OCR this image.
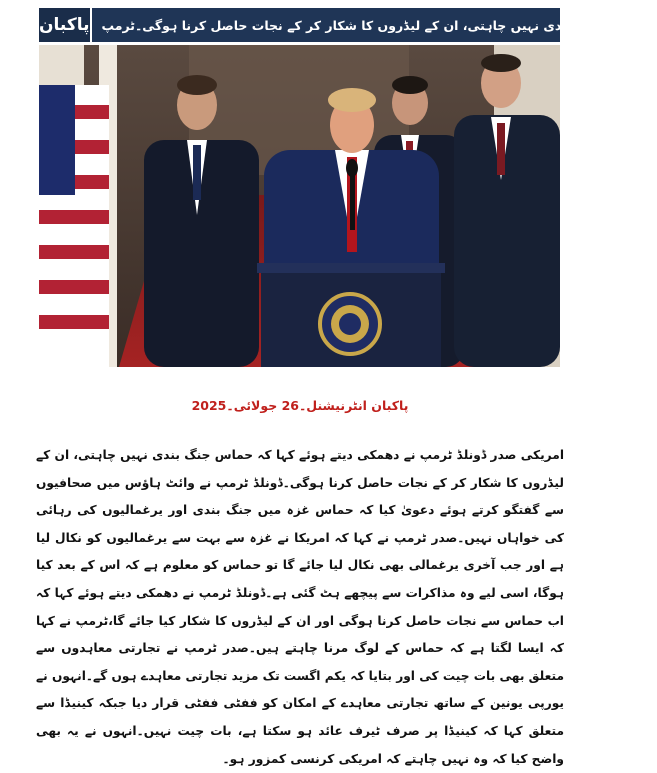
پاکبان حماس جنگ بندی نہیں چاہتی، ان کے لیڈروں کا شکار کر کے نجات حاصل کرنا ہوگی۔ٹرمپ
پاکبان انٹرنیشنل۔26 جولائی۔2025
امریکی صدر ڈونلڈ ٹرمپ نے دھمکی دیتے ہوئے کہا کہ حماس جنگ بندی نہیں چاہتی، ان کے لیڈروں کا شکار کر کے نجات حاصل کرنا ہوگی۔ڈونلڈ ٹرمپ نے وائٹ ہاؤس میں صحافیوں سے گفتگو کرتے ہوئے دعویٰ کیا کہ حماس غزہ میں جنگ بندی اور یرغمالیوں کی رہائی کی خواہاں نہیں۔صدر ٹرمپ نے کہا کہ امریکا نے غزہ سے بہت سے یرغمالیوں کو نکال لیا ہے اور جب آخری یرغمالی بھی نکال لیا جائے گا تو حماس کو معلوم ہے کہ اس کے بعد کیا ہوگا، اسی لیے وہ مذاکرات سے پیچھے ہٹ گئی ہے۔ڈونلڈ ٹرمپ نے دھمکی دیتے ہوئے کہا کہ اب حماس سے نجات حاصل کرنا ہوگی اور ان کے لیڈروں کا شکار کیا جائے گا،ٹرمپ نے کہا کہ ایسا لگتا ہے کہ حماس کے لوگ مرنا چاہتے ہیں۔صدر ٹرمپ نے تجارتی معاہدوں سے متعلق بھی بات چیت کی اور بتایا کہ یکم اگست تک مزید تجارتی معاہدے ہوں گے۔انہوں نے یورپی یونین کے ساتھ تجارتی معاہدے کے امکان کو ففٹی ففٹی قرار دیا جبکہ کینیڈا سے متعلق کہا کہ کینیڈا پر صرف ٹیرف عائد ہو سکتا ہے، بات چیت نہیں۔انہوں نے یہ بھی واضح کیا کہ وہ نہیں چاہتے کہ امریکی کرنسی کمزور ہو۔
